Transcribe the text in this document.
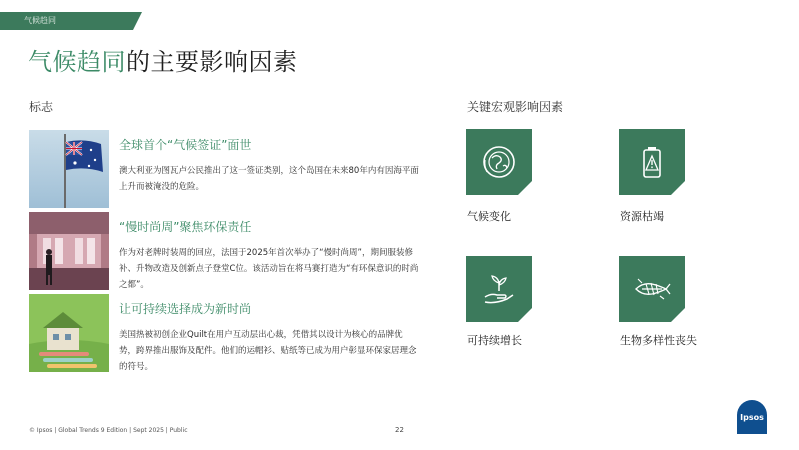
气候趋同
气候趋同的主要影响因素
标志	关键宏观影响因素
全球首个“气候签证”面世
澳大利亚为图瓦卢公民推出了这一签证类别，这个岛国在未来80年内有因海平面上升而被淹没的危险。
“慢时尚周”聚焦环保责任
作为对老牌时装周的回应，法国于2025年首次举办了“慢时尚周”，期间服装修补、升物改造及创新点子登堂C位。该活动旨在将马赛打造为“有环保意识的时尚之都”。
让可持续选择成为新时尚
美国热被初创企业Quilt在用户互动层出心裁，凭借其以设计为核心的品牌优势，跨界推出服饰及配件。他们的运帽衫、贴纸等已成为用户彰显环保家居理念的符号。
气候变化	资源枯竭
可持续增长	生物多样性丧失
© Ipsos | Global Trends 9 Edition | Sept 2025 | Public	22
Ipsos
